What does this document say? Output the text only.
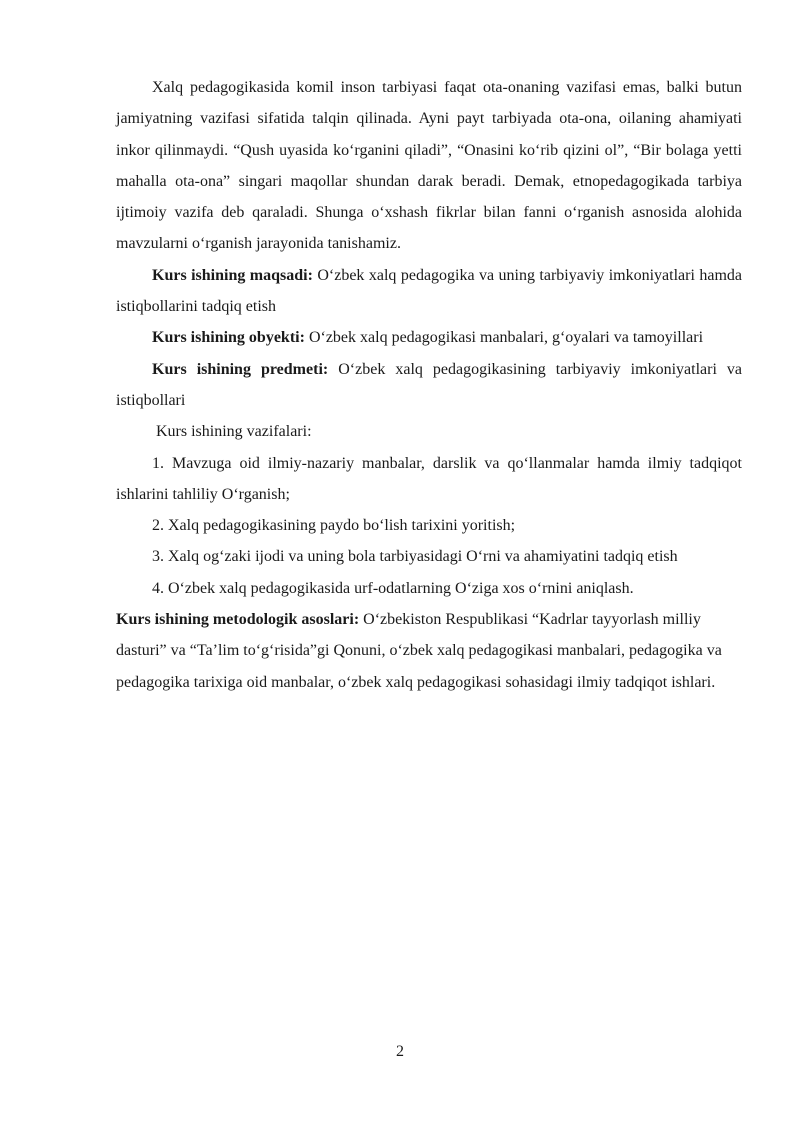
Xalq pedagogikasida komil inson tarbiyasi faqat ota-onaning vazifasi emas, balki butun jamiyatning vazifasi sifatida talqin qilinada. Ayni payt tarbiyada ota-ona, oilaning ahamiyati inkor qilinmaydi. “Qush uyasida ko‘rganini qiladi”, “Onasini ko‘rib qizini ol”, “Bir bolaga yetti mahalla ota-ona” singari maqollar shundan darak beradi. Demak, etnopedagogikada tarbiya ijtimoiy vazifa deb qaraladi. Shunga o‘xshash fikrlar bilan fanni o‘rganish asnosida alohida mavzularni o‘rganish jarayonida tanishamiz.

Kurs ishining maqsadi: O‘zbek xalq pedagogika va uning tarbiyaviy imkoniyatlari hamda istiqbollarini tadqiq etish

Kurs ishining obyekti: O‘zbek xalq pedagogikasi manbalari, g‘oyalari va tamoyillari

Kurs ishining predmeti: O‘zbek xalq pedagogikasining tarbiyaviy imkoniyatlari va istiqbollari

Kurs ishining vazifalari:

1. Mavzuga oid ilmiy-nazariy manbalar, darslik va qo‘llanmalar hamda ilmiy tadqiqot ishlarini tahliliy O‘rganish;

2. Xalq pedagogikasining paydo bo‘lish tarixini yoritish;

3. Xalq og‘zaki ijodi va uning bola tarbiyasidagi O‘rni va ahamiyatini tadqiq etish

4. O‘zbek xalq pedagogikasida urf-odatlarning O‘ziga xos o‘rnini aniqlash.

Kurs ishining metodologik asoslari: O‘zbekiston Respublikasi “Kadrlar tayyorlash milliy dasturi” va “Ta’lim to‘g‘risida”gi Qonuni, o‘zbek xalq pedagogikasi manbalari, pedagogika va pedagogika tarixiga oid manbalar, o‘zbek xalq pedagogikasi sohasidagi ilmiy tadqiqot ishlari.

2
